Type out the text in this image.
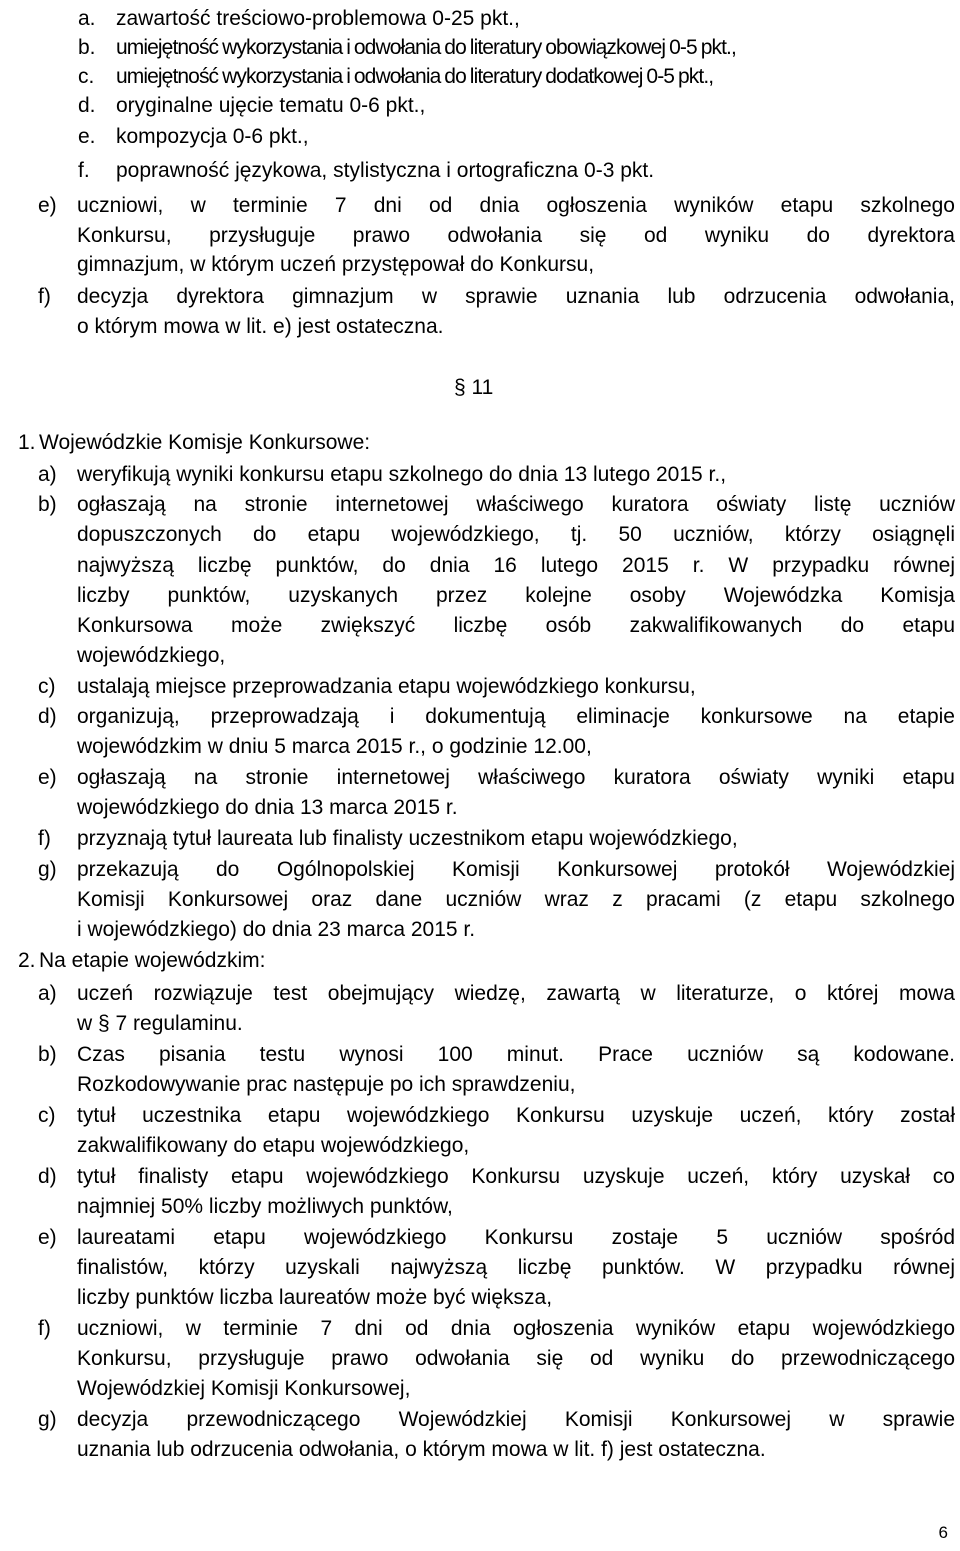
a. zawartość treściowo-problemowa 0-25 pkt.,
b. umiejętność wykorzystania i odwołania do literatury obowiązkowej 0-5 pkt.,
c. umiejętność wykorzystania i odwołania do literatury dodatkowej 0-5 pkt.,
d. oryginalne ujęcie tematu 0-6 pkt.,
e. kompozycja 0-6 pkt.,
f. poprawność językowa, stylistyczna i ortograficzna 0-3 pkt.
e) uczniowi, w terminie 7 dni od dnia ogłoszenia wyników etapu szkolnego
Konkursu, przysługuje prawo odwołania się od wyniku do dyrektora
gimnazjum, w którym uczeń przystępował do Konkursu,
f) decyzja dyrektora gimnazjum w sprawie uznania lub odrzucenia odwołania,
o którym mowa w lit. e) jest ostateczna.
§ 11
1. Wojewódzkie Komisje Konkursowe:
a) weryfikują wyniki konkursu etapu szkolnego do dnia 13 lutego 2015 r.,
b) ogłaszają na stronie internetowej właściwego kuratora oświaty listę uczniów
dopuszczonych do etapu wojewódzkiego, tj. 50 uczniów, którzy osiągnęli
najwyższą liczbę punktów, do dnia 16 lutego 2015 r. W przypadku równej
liczby punktów, uzyskanych przez kolejne osoby Wojewódzka Komisja
Konkursowa może zwiększyć liczbę osób zakwalifikowanych do etapu
wojewódzkiego,
c) ustalają miejsce przeprowadzania etapu wojewódzkiego konkursu,
d) organizują, przeprowadzają i dokumentują eliminacje konkursowe na etapie
wojewódzkim w dniu 5 marca 2015 r., o godzinie 12.00,
e) ogłaszają na stronie internetowej właściwego kuratora oświaty wyniki etapu
wojewódzkiego do dnia 13 marca 2015 r.
f) przyznają tytuł laureata lub finalisty uczestnikom etapu wojewódzkiego,
g) przekazują do Ogólnopolskiej Komisji Konkursowej protokół Wojewódzkiej
Komisji Konkursowej oraz dane uczniów wraz z pracami (z etapu szkolnego
i wojewódzkiego) do dnia 23 marca 2015 r.
2. Na etapie wojewódzkim:
a) uczeń rozwiązuje test obejmujący wiedzę, zawartą w literaturze, o której mowa
w § 7 regulaminu.
b) Czas pisania testu wynosi 100 minut. Prace uczniów są kodowane.
Rozkodowywanie prac następuje po ich sprawdzeniu,
c) tytuł uczestnika etapu wojewódzkiego Konkursu uzyskuje uczeń, który został
zakwalifikowany do etapu wojewódzkiego,
d) tytuł finalisty etapu wojewódzkiego Konkursu uzyskuje uczeń, który uzyskał co
najmniej 50% liczby możliwych punktów,
e) laureatami etapu wojewódzkiego Konkursu zostaje 5 uczniów spośród
finalistów, którzy uzyskali najwyższą liczbę punktów. W przypadku równej
liczby punktów liczba laureatów może być większa,
f) uczniowi, w terminie 7 dni od dnia ogłoszenia wyników etapu wojewódzkiego
Konkursu, przysługuje prawo odwołania się od wyniku do przewodniczącego
Wojewódzkiej Komisji Konkursowej,
g) decyzja przewodniczącego Wojewódzkiej Komisji Konkursowej w sprawie
uznania lub odrzucenia odwołania, o którym mowa w lit. f) jest ostateczna.
6
